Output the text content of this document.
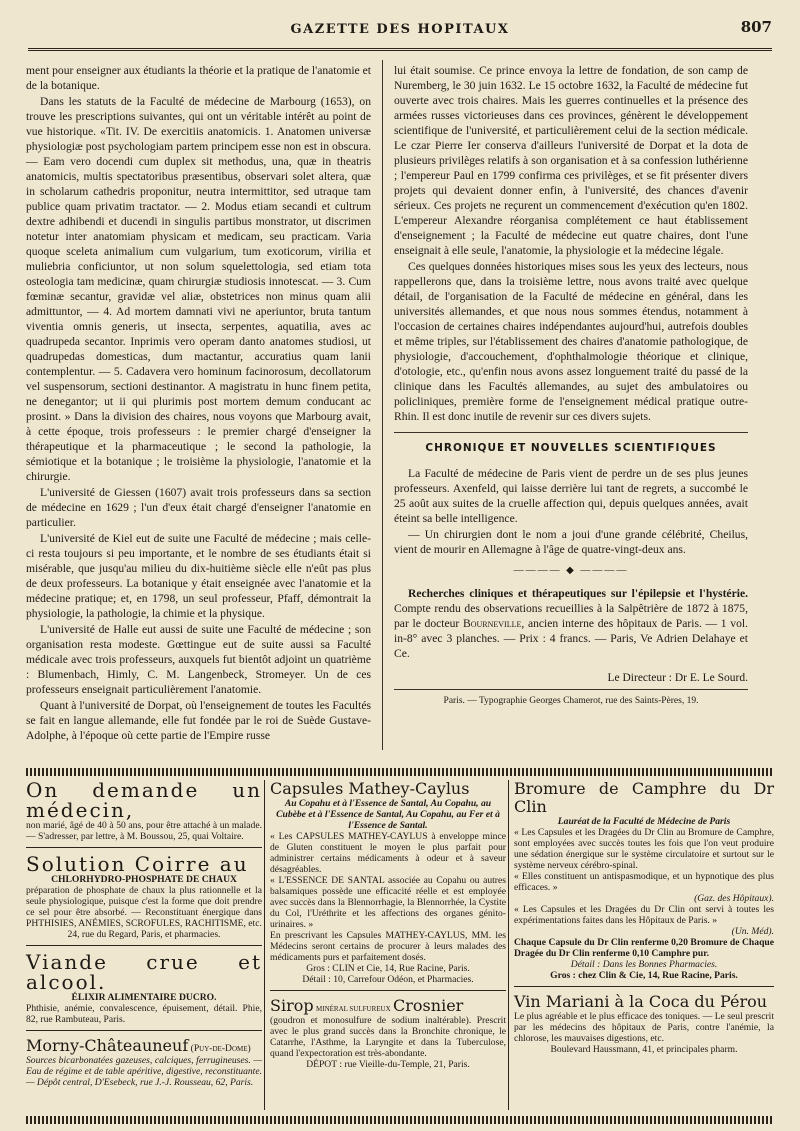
GAZETTE DES HOPITAUX	807

ment pour enseigner aux étudiants la théorie et la pratique de l'anatomie et de la botanique.

Dans les statuts de la Faculté de médecine de Marbourg (1653), on trouve les prescriptions suivantes, qui ont un véritable intérêt au point de vue historique. «Tit. IV. De exercitiis anatomicis. 1. Anatomen universæ physiologiæ post psychologiam partem principem esse non est in obscura. — Eam vero docendi cum duplex sit methodus, una, quæ in theatris anatomicis, multis spectatoribus præsentibus, observari solet altera, quæ in scholarum cathedris proponitur, neutra intermittitor, sed utraque tam publice quam privatim tractator. — 2. Modus etiam secandi et cultrum dextre adhibendi et ducendi in singulis partibus monstrator, ut discrimen notetur inter anatomiam physicam et medicam, seu practicam. Varia quoque sceleta animalium cum vulgarium, tum exoticorum, virilia et muliebria conficiuntor, ut non solum squelettologia, sed etiam tota osteologia tam medicinæ, quam chirurgiæ studiosis innotescat. — 3. Cum fœminæ secantur, gravidæ vel aliæ, obstetrices non minus quam alii admittuntor, — 4. Ad mortem damnati vivi ne aperiuntor, bruta tantum viventia omnis generis, ut insecta, serpentes, aquatilia, aves ac quadrupeda secantor. Inprimis vero operam danto anatomes studiosi, ut quadrupedas domesticas, dum mactantur, accuratius quam lanii contemplentur. — 5. Cadavera vero hominum facinorosum, decollatorum vel suspensorum, sectioni destinantor. A magistratu in hunc finem petita, ne denegantor; ut ii qui plurimis post mortem demum conducant ac prosint. » Dans la division des chaires, nous voyons que Marbourg avait, à cette époque, trois professeurs : le premier chargé d'enseigner la thérapeutique et la pharmaceutique ; le second la pathologie, la sémiotique et la botanique ; le troisième la physiologie, l'anatomie et la chirurgie.

L'université de Giessen (1607) avait trois professeurs dans sa section de médecine en 1629 ; l'un d'eux était chargé d'enseigner l'anatomie en particulier.

L'université de Kiel eut de suite une Faculté de médecine ; mais celle-ci resta toujours si peu importante, et le nombre de ses étudiants était si misérable, que jusqu'au milieu du dix-huitième siècle elle n'eût pas plus de deux professeurs. La botanique y était enseignée avec l'anatomie et la médecine pratique; et, en 1798, un seul professeur, Pfaff, démontrait la physiologie, la pathologie, la chimie et la physique.

L'université de Halle eut aussi de suite une Faculté de médecine ; son organisation resta modeste. Gœttingue eut de suite aussi sa Faculté médicale avec trois professeurs, auxquels fut bientôt adjoint un quatrième : Blumenbach, Himly, C. M. Langenbeck, Stromeyer. Un de ces professeurs enseignait particulièrement l'anatomie.

Quant à l'université de Dorpat, où l'enseignement de toutes les Facultés se fait en langue allemande, elle fut fondée par le roi de Suède Gustave-Adolphe, à l'époque où cette partie de l'Empire russe

lui était soumise. Ce prince envoya la lettre de fondation, de son camp de Nuremberg, le 30 juin 1632. Le 15 octobre 1632, la Faculté de médecine fut ouverte avec trois chaires. Mais les guerres continuelles et la présence des armées russes victorieuses dans ces provinces, génèrent le développement scientifique de l'université, et particulièrement celui de la section médicale. Le czar Pierre Ier conserva d'ailleurs l'université de Dorpat et la dota de plusieurs privilèges relatifs à son organisation et à sa confession luthérienne ; l'empereur Paul en 1799 confirma ces privilèges, et se fit présenter divers projets qui devaient donner enfin, à l'université, des chances d'avenir sérieux. Ces projets ne reçurent un commencement d'exécution qu'en 1802. L'empereur Alexandre réorganisa complétement ce haut établissement d'enseignement ; la Faculté de médecine eut quatre chaires, dont l'une enseignait à elle seule, l'anatomie, la physiologie et la médecine légale.

Ces quelques données historiques mises sous les yeux des lecteurs, nous rappellerons que, dans la troisième lettre, nous avons traité avec quelque détail, de l'organisation de la Faculté de médecine en général, dans les universités allemandes, et que nous nous sommes étendus, notamment à l'occasion de certaines chaires indépendantes aujourd'hui, autrefois doubles et même triples, sur l'établissement des chaires d'anatomie pathologique, de physiologie, d'accouchement, d'ophthalmologie théorique et clinique, d'otologie, etc., qu'enfin nous avons assez longuement traité du passé de la clinique dans les Facultés allemandes, au sujet des ambulatoires ou policliniques, première forme de l'enseignement médical pratique outre-Rhin. Il est donc inutile de revenir sur ces divers sujets.

CHRONIQUE ET NOUVELLES SCIENTIFIQUES

La Faculté de médecine de Paris vient de perdre un de ses plus jeunes professeurs. Axenfeld, qui laisse derrière lui tant de regrets, a succombé le 25 août aux suites de la cruelle affection qui, depuis quelques années, avait éteint sa belle intelligence.

— Un chirurgien dont le nom a joui d'une grande célébrité, Cheilus, vient de mourir en Allemagne à l'âge de quatre-vingt-deux ans.

———— ◆ ————

Recherches cliniques et thérapeutiques sur l'épilepsie et l'hystérie. Compte rendu des observations recueillies à la Salpêtrière de 1872 à 1875, par le docteur Bourneville, ancien interne des hôpitaux de Paris. — 1 vol. in-8° avec 3 planches. — Prix : 4 francs. — Paris, Ve Adrien Delahaye et Ce.

Le Directeur : Dr E. Le Sourd.
Paris. — Typographie Georges Chamerot, rue des Saints-Pères, 19.
On demande un médecin,
non marié, âgé de 40 à 50 ans, pour être attaché à un malade. — S'adresser, par lettre, à M. Boussou, 25, quai Voltaire.
Solution Coirre au
CHLORHYDRO-PHOSPHATE DE CHAUX
préparation de phosphate de chaux la plus rationnelle et la seule physiologique, puisque c'est la forme que doit prendre ce sel pour être absorbé. — Reconstituant énergique dans PHTHISIES, ANÉMIES, SCROFULES, RACHITISME, etc.
24, rue du Regard, Paris, et pharmacies.
Viande crue et alcool.
ÉLIXIR ALIMENTAIRE DUCRO.
Phthisie, anémie, convalescence, épuisement, détail. Phie, 82, rue Rambuteau, Paris.
Morny-Châteauneuf (Puy-de-Dome)
Sources bicarbonatées gazeuses, calciques, ferrugineuses. — Eau de régime et de table apéritive, digestive, reconstituante. — Dépôt central, D'Esebeck, rue J.-J. Rousseau, 62, Paris.
Capsules Mathey-Caylus
Au Copahu et à l'Essence de Santal, Au Copahu, au Cubèbe et à l'Essence de Santal, Au Copahu, au Fer et à l'Essence de Santal.
« Les CAPSULES MATHEY-CAYLUS à enveloppe mince de Gluten constituent le moyen le plus parfait pour administrer certains médicaments à odeur et à saveur désagréables.
« L'ESSENCE DE SANTAL associée au Copahu ou autres balsamiques possède une efficacité réelle et est employée avec succès dans la Blennorrhagie, la Blennorrhée, la Cystite du Col, l'Uréthrite et les affections des organes génito-urinaires. »
En prescrivant les Capsules MATHEY-CAYLUS, MM. les Médecins seront certains de procurer à leurs malades des médicaments purs et parfaitement dosés.
Gros : CLIN et Cie, 14, Rue Racine, Paris.
Détail : 10, Carrefour Odéon, et Pharmacies.
Sirop MINÉRAL SULFUREUX Crosnier
(goudron et monosulfure de sodium inaltérable). Prescrit avec le plus grand succès dans la Bronchite chronique, le Catarrhe, l'Asthme, la Laryngite et dans la Tuberculose, quand l'expectoration est très-abondante.
DÉPOT : rue Vieille-du-Temple, 21, Paris.
Bromure de Camphre du Dr Clin
Lauréat de la Faculté de Médecine de Paris
« Les Capsules et les Dragées du Dr Clin au Bromure de Camphre, sont employées avec succès toutes les fois que l'on veut produire une sédation énergique sur le système circulatoire et surtout sur le système nerveux cérébro-spinal.
« Elles constituent un antispasmodique, et un hypnotique des plus efficaces. »
(Gaz. des Hôpitaux).
« Les Capsules et les Dragées du Dr Clin ont servi à toutes les expérimentations faites dans les Hôpitaux de Paris. »
(Un. Méd).
Chaque Capsule du Dr Clin renferme 0,20 Bromure de Chaque Dragée du Dr Clin renferme 0,10 Camphre pur.
Détail : Dans les Bonnes Pharmacies.
Gros : chez Clin & Cie, 14, Rue Racine, Paris.
Vin Mariani à la Coca du Pérou
Le plus agréable et le plus efficace des toniques. — Le seul prescrit par les médecins des hôpitaux de Paris, contre l'anémie, la chlorose, les mauvaises digestions, etc.
Boulevard Haussmann, 41, et principales pharm.
